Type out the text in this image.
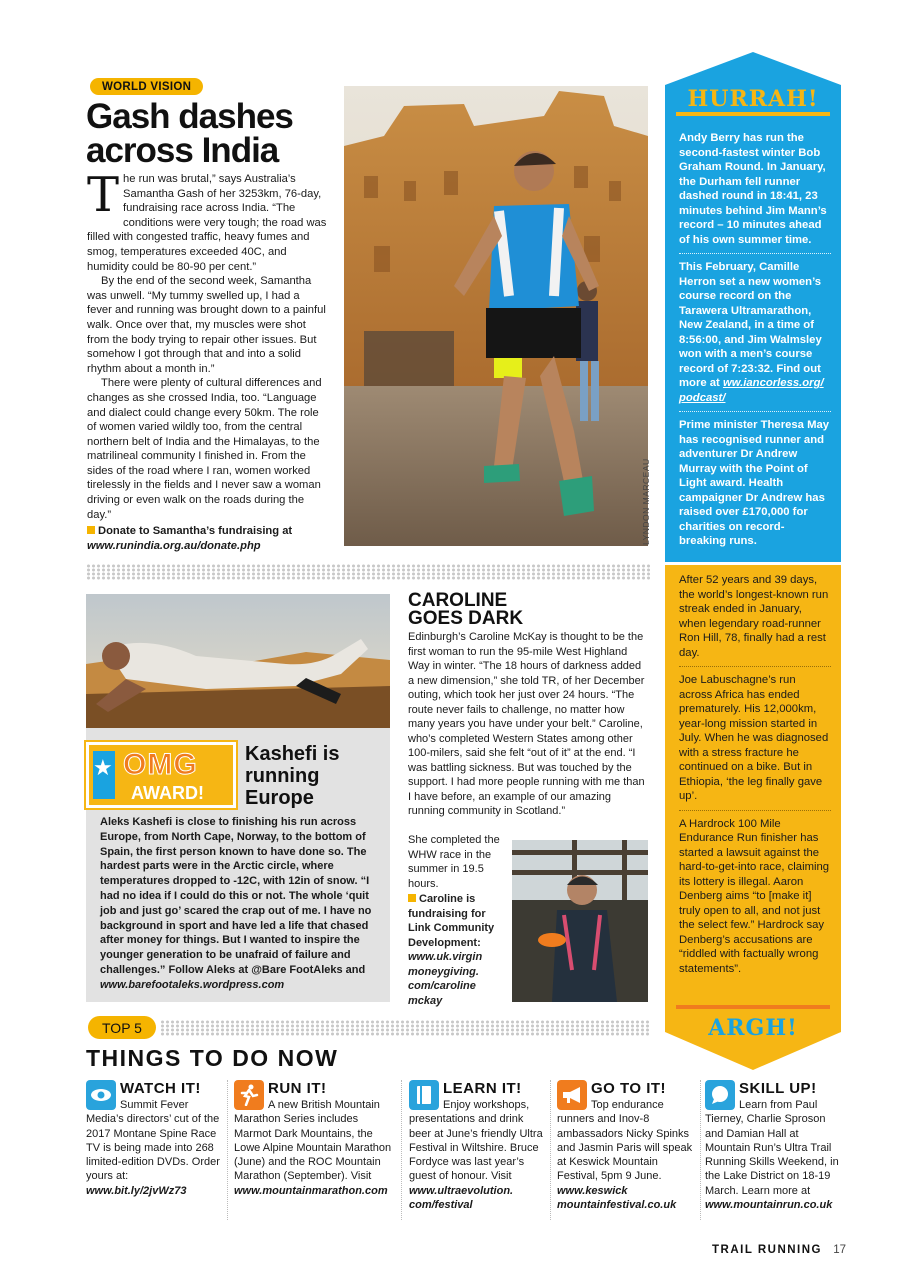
WORLD VISION
Gash dashes
across India

T he run was brutal,” says Australia’s Samantha Gash of her 3253km, 76-day, fundraising race across India. “The conditions were very tough; the road was filled with congested traffic, heavy fumes and smog, temperatures exceeded 40C, and humidity could be 80-90 per cent.”

By the end of the second week, Samantha was unwell. “My tummy swelled up, I had a fever and running was brought down to a painful walk. Once over that, my muscles were shot from the body trying to repair other issues. But somehow I got through that and into a solid rhythm about a month in.”

There were plenty of cultural differences and changes as she crossed India, too. “Language and dialect could change every 50km. The role of women varied wildly too, from the central northern belt of India and the Himalayas, to the matrilineal community I finished in. From the sides of the road where I ran, women worked tirelessly in the fields and I never saw a woman driving or even walk on the roads during the day.”

Donate to Samantha’s fundraising at
www.runindia.org.au/donate.php
LYNDON MARCEAU
HURRAH!
Andy Berry has run the second-fastest winter Bob Graham Round. In January, the Durham fell runner dashed round in 18:41, 23 minutes behind Jim Mann’s record – 10 minutes ahead of his own summer time.
This February, Camille Herron set a new women’s course record on the Tarawera Ultramarathon, New Zealand, in a time of 8:56:00, and Jim Walmsley won with a men’s course record of 7:23:32. Find out more at ww.iancorless.org/ podcast/
Prime minister Theresa May has recognised runner and adventurer Dr Andrew Murray with the Point of Light award. Health campaigner Dr Andrew has raised over £170,000 for charities on record-breaking runs.
After 52 years and 39 days, the world’s longest-known run streak ended in January, when legendary road-runner Ron Hill, 78, finally had a rest day.
Joe Labuschagne’s run across Africa has ended prematurely. His 12,000km, year-long mission started in July. When he was diagnosed with a stress fracture he continued on a bike. But in Ethiopia, ‘the leg finally gave up’.
A Hardrock 100 Mile Endurance Run finisher has started a lawsuit against the hard-to-get-into race, claiming its lottery is illegal. Aaron Denberg aims “to [make it] truly open to all, and not just the select few.” Hardrock say Denberg’s accusations are “riddled with factually wrong statements”.
ARGH!
★ OMG
AWARD!
Kashefi is running Europe
Aleks Kashefi is close to finishing his run across Europe, from North Cape, Norway, to the bottom of Spain, the first person known to have done so. The hardest parts were in the Arctic circle, where temperatures dropped to -12C, with 12in of snow. “I had no idea if I could do this or not. The whole ‘quit job and just go’ scared the crap out of me. I have no background in sport and have led a life that chased after money for things. But I wanted to inspire the younger generation to be unafraid of failure and challenges.” Follow Aleks at @Bare FootAleks and www.barefootaleks.wordpress.com
CAROLINE
GOES DARK
Edinburgh’s Caroline McKay is thought to be the first woman to run the 95-mile West Highland Way in winter. “The 18 hours of darkness added a new dimension,” she told TR, of her December outing, which took her just over 24 hours. “The route never fails to challenge, no matter how many years you have under your belt.” Caroline, who’s completed Western States among other 100-milers, said she felt “out of it” at the end. “I was battling sickness. But was touched by the support. I had more people running with me than I have before, an example of our amazing running community in Scotland.”
She completed the WHW race in the summer in 19.5 hours.
Caroline is fundraising for Link Community Development:
www.uk.virgin moneygiving. com/caroline mckay
TOP 5
THINGS TO DO NOW
WATCH IT!
Summit Fever Media’s directors’ cut of the 2017 Montane Spine Race TV is being made into 268 limited-edition DVDs. Order yours at:
www.bit.ly/2jvWz73
RUN IT!
A new British Mountain Marathon Series includes Marmot Dark Mountains, the Lowe Alpine Mountain Marathon (June) and the ROC Mountain Marathon (September). Visit
www.mountainmarathon.com
LEARN IT!
Enjoy workshops, presentations and drink beer at June’s friendly Ultra Festival in Wiltshire. Bruce Fordyce was last year’s guest of honour. Visit
www.ultraevolution. com/festival
GO TO IT!
Top endurance runners and Inov-8 ambassadors Nicky Spinks and Jasmin Paris will speak at Keswick Mountain Festival, 5pm 9 June.
www.keswick mountainfestival.co.uk
SKILL UP!
Learn from Paul Tierney, Charlie Sproson and Damian Hall at Mountain Run’s Ultra Trail Running Skills Weekend, in the Lake District on 18-19 March. Learn more at
www.mountainrun.co.uk
TRAIL RUNNING 17
